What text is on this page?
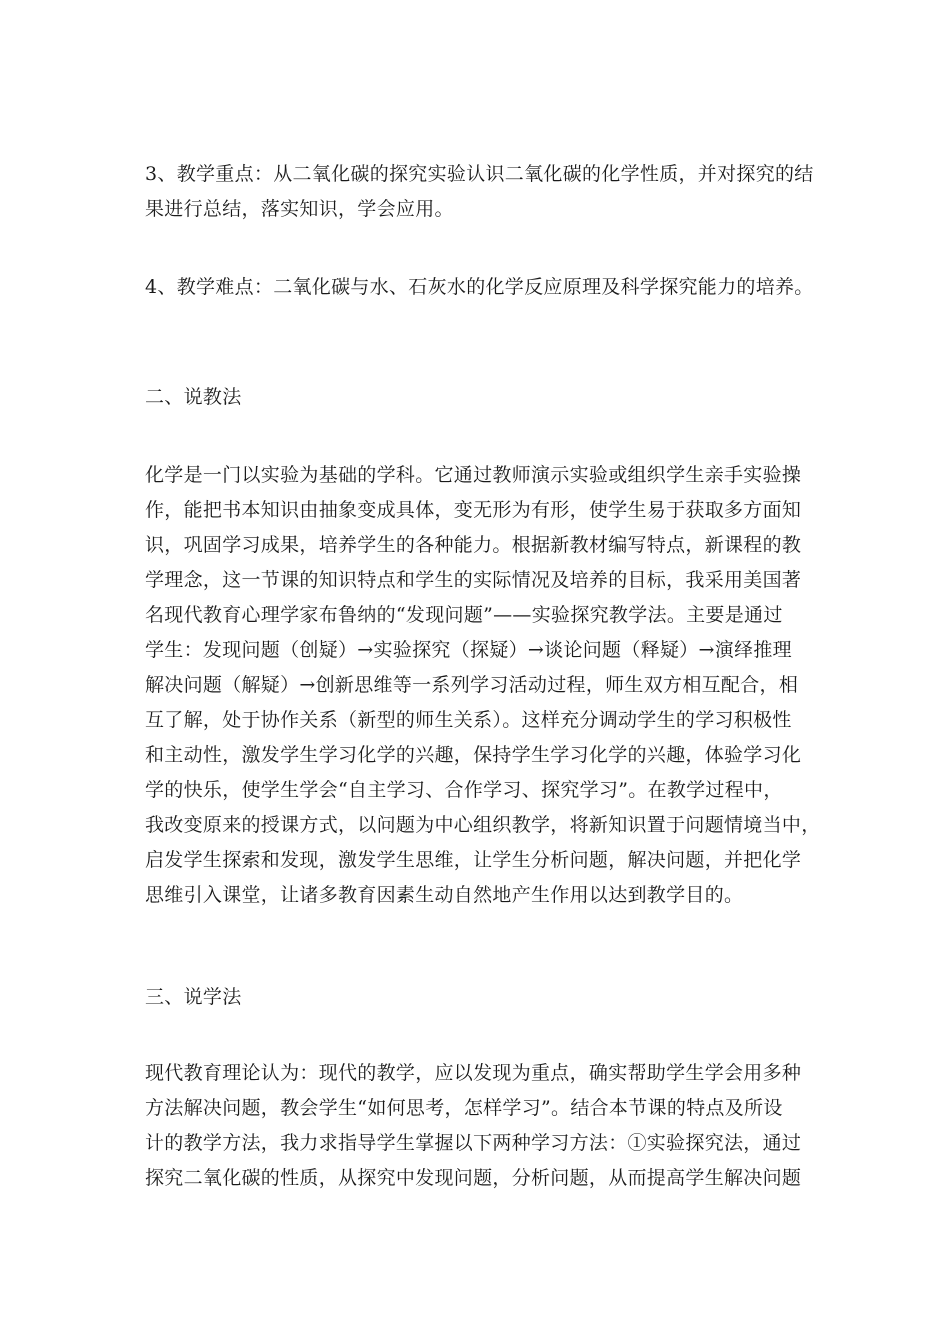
3、教学重点：从二氧化碳的探究实验认识二氧化碳的化学性质，并对探究的结
果进行总结，落实知识，学会应用。
4、教学难点：二氧化碳与水、石灰水的化学反应原理及科学探究能力的培养。
二、说教法
化学是一门以实验为基础的学科。它通过教师演示实验或组织学生亲手实验操
作，能把书本知识由抽象变成具体，变无形为有形，使学生易于获取多方面知
识，巩固学习成果，培养学生的各种能力。根据新教材编写特点，新课程的教
学理念，这一节课的知识特点和学生的实际情况及培养的目标，我采用美国著
名现代教育心理学家布鲁纳的“发现问题”——实验探究教学法。主要是通过
学生：发现问题（创疑）→实验探究（探疑）→谈论问题（释疑）→演绎推理
解决问题（解疑）→创新思维等一系列学习活动过程，师生双方相互配合，相
互了解，处于协作关系（新型的师生关系）。这样充分调动学生的学习积极性
和主动性，激发学生学习化学的兴趣，保持学生学习化学的兴趣，体验学习化
学的快乐，使学生学会“自主学习、合作学习、探究学习”。在教学过程中，
我改变原来的授课方式，以问题为中心组织教学，将新知识置于问题情境当中，
启发学生探索和发现，激发学生思维，让学生分析问题，解决问题，并把化学
思维引入课堂，让诸多教育因素生动自然地产生作用以达到教学目的。
三、说学法
现代教育理论认为：现代的教学，应以发现为重点，确实帮助学生学会用多种
方法解决问题，教会学生“如何思考，怎样学习”。结合本节课的特点及所设
计的教学方法，我力求指导学生掌握以下两种学习方法：①实验探究法，通过
探究二氧化碳的性质，从探究中发现问题，分析问题，从而提高学生解决问题
